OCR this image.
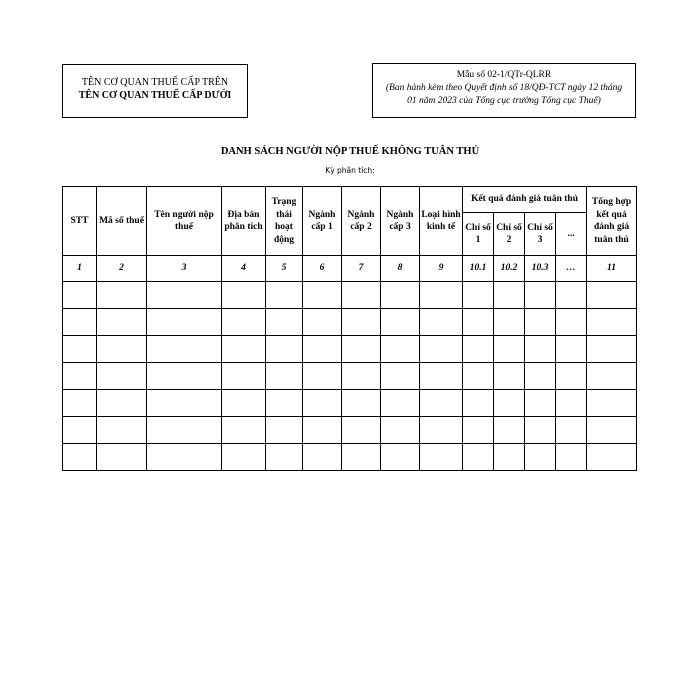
TÊN CƠ QUAN THUẾ CẤP TRÊN
TÊN CƠ QUAN THUẾ CẤP DƯỚI
Mẫu số 02-1/QTr-QLRR
(Ban hành kèm theo Quyết định số 18/QĐ-TCT ngày 12 tháng 01 năm 2023 của Tổng cục trưởng Tổng cục Thuế)
DANH SÁCH NGƯỜI NỘP THUẾ KHÔNG TUÂN THỦ
Kỳ phân tích:
STT	Mã số thuế	Tên người nộp thuế	Địa bàn phân tích	Trạng thái hoạt động	Ngành cấp 1	Ngành cấp 2	Ngành cấp 3	Loại hình kinh tế	Kết quả đánh giá tuân thủ				Tổng hợp kết quả đánh giá tuân thủ
									Chỉ số 1	Chỉ số 2	Chỉ số 3	...	
1	2	3	4	5	6	7	8	9	10.1	10.2	10.3	…	11
